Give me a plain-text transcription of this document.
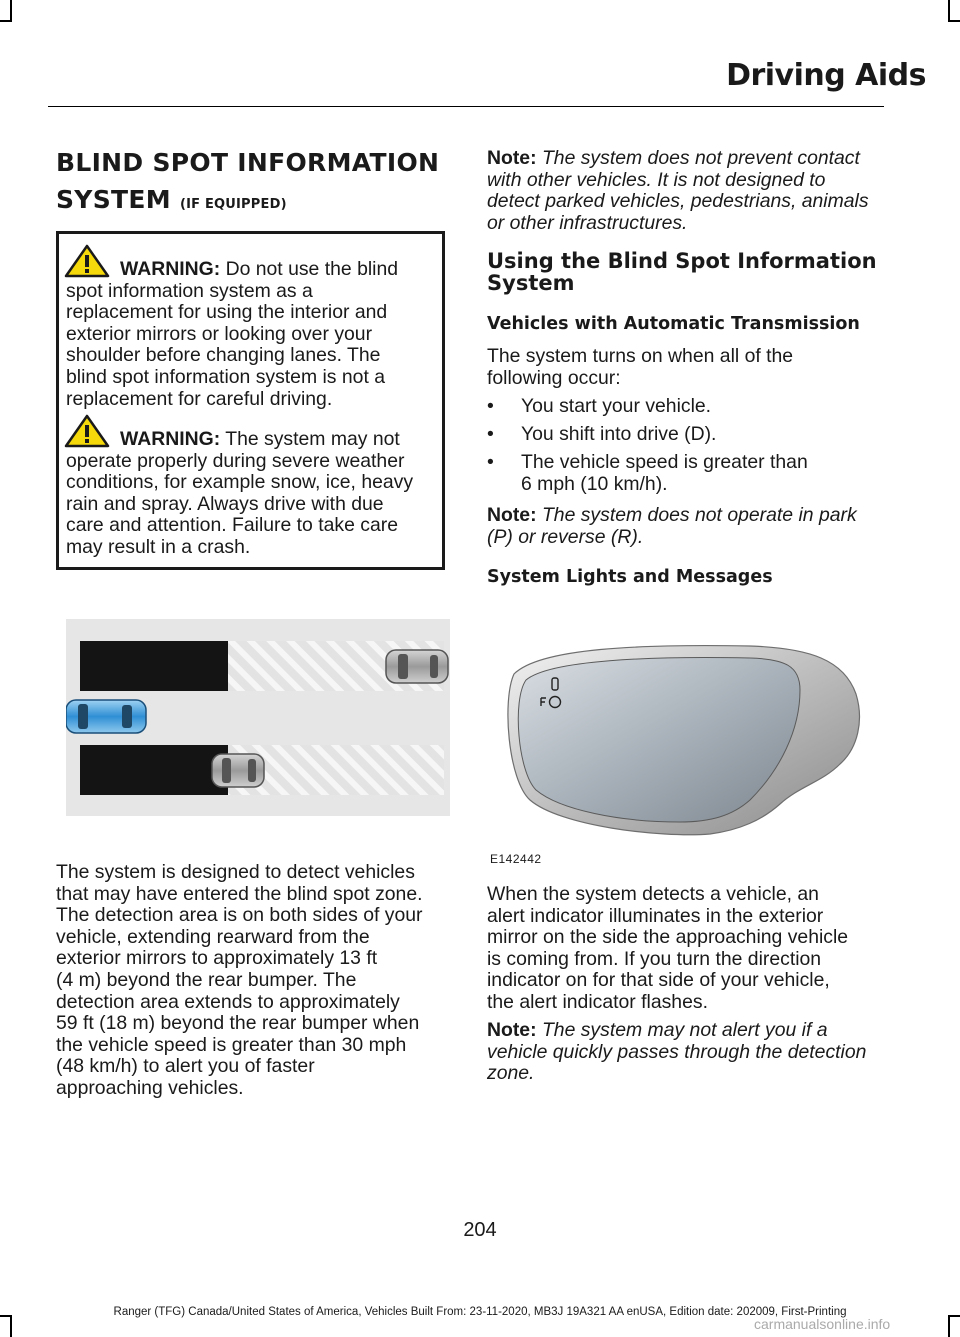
Driving Aids

BLIND SPOT INFORMATION

SYSTEM (IF EQUIPPED)

WARNING: Do not use the blind
spot information system as a
replacement for using the interior and
exterior mirrors or looking over your
shoulder before changing lanes. The
blind spot information system is not a
replacement for careful driving.
WARNING: The system may not
operate properly during severe weather
conditions, for example snow, ice, heavy
rain and spray. Always drive with due
care and attention. Failure to take care
may result in a crash.

The system is designed to detect vehicles

that may have entered the blind spot zone.

The detection area is on both sides of your

vehicle, extending rearward from the

exterior mirrors to approximately 13 ft

(4 m) beyond the rear bumper. The

detection area extends to approximately

59 ft (18 m) beyond the rear bumper when

the vehicle speed is greater than 30 mph

(48 km/h) to alert you of faster

approaching vehicles.

Note: The system does not prevent contact

with other vehicles. It is not designed to

detect parked vehicles, pedestrians, animals

or other infrastructures.

Using the Blind Spot Information

System

Vehicles with Automatic Transmission

The system turns on when all of the

following occur:

• You start your vehicle.
• You shift into drive (D).
• The vehicle speed is greater than
6 mph (10 km/h).

Note: The system does not operate in park

(P) or reverse (R).

System Lights and Messages

E142442

When the system detects a vehicle, an

alert indicator illuminates in the exterior

mirror on the side the approaching vehicle

is coming from. If you turn the direction

indicator on for that side of your vehicle,

the alert indicator flashes.

Note: The system may not alert you if a

vehicle quickly passes through the detection

zone.

204
Ranger (TFG) Canada/United States of America, Vehicles Built From: 23-11-2020, MB3J 19A321 AA enUSA, Edition date: 202009, First-Printing
carmanualsonline.info
